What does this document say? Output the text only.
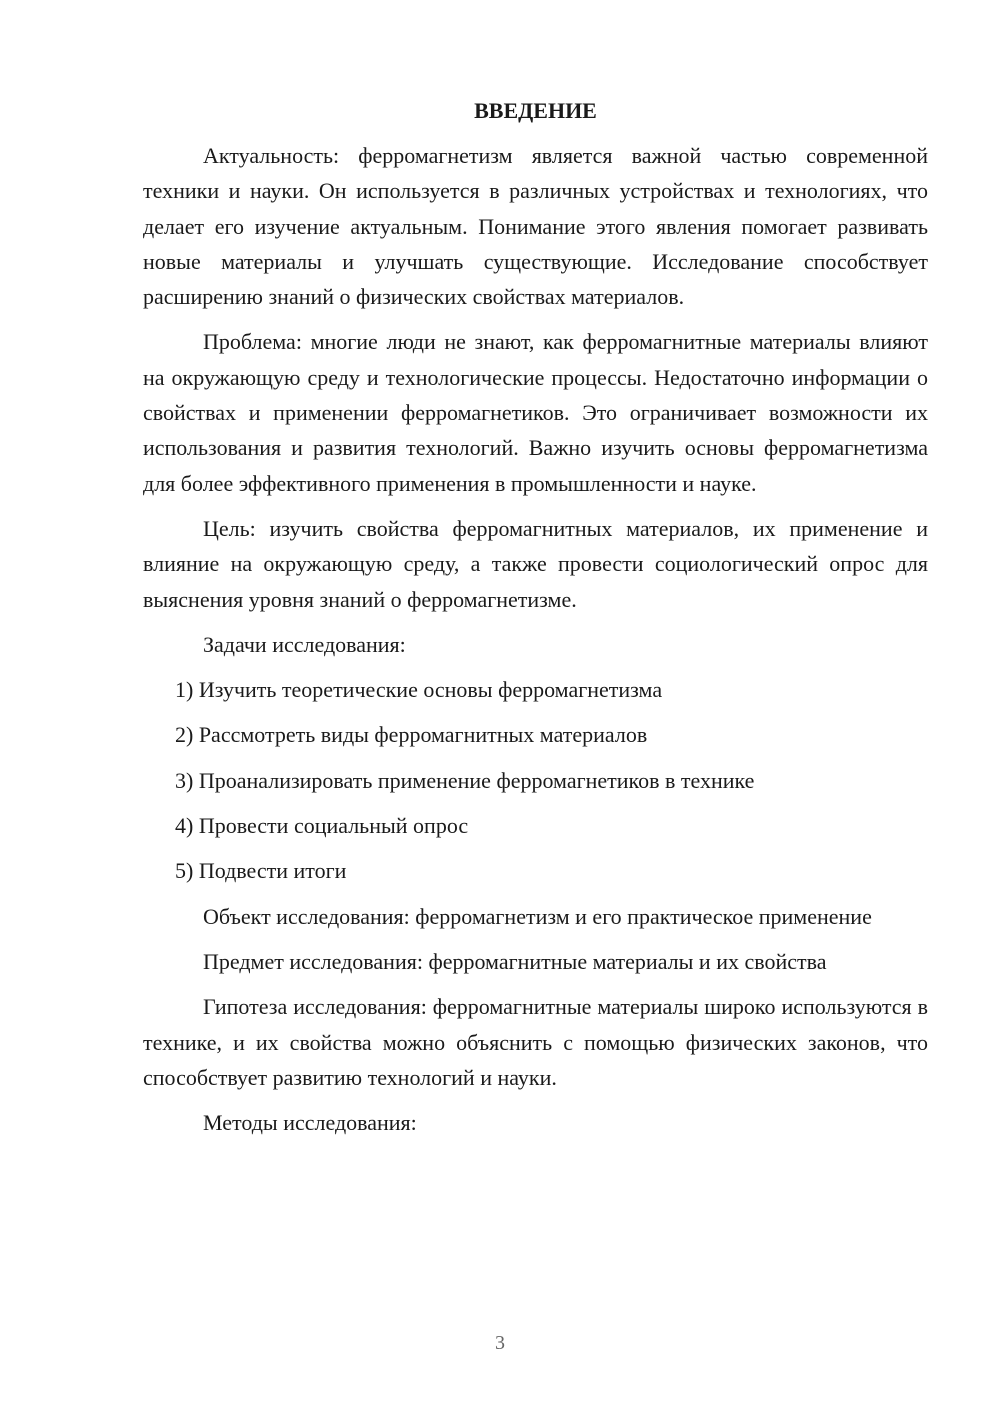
ВВЕДЕНИЕ

Актуальность: ферромагнетизм является важной частью современной техники и науки. Он используется в различных устройствах и технологиях, что делает его изучение актуальным. Понимание этого явления помогает развивать новые материалы и улучшать существующие. Исследование способствует расширению знаний о физических свойствах материалов.

Проблема: многие люди не знают, как ферромагнитные материалы влияют на окружающую среду и технологические процессы. Недостаточно информации о свойствах и применении ферромагнетиков. Это ограничивает возможности их использования и развития технологий. Важно изучить основы ферромагнетизма для более эффективного применения в промышленности и науке.

Цель: изучить свойства ферромагнитных материалов, их применение и влияние на окружающую среду, а также провести социологический опрос для выяснения уровня знаний о ферромагнетизме.

Задачи исследования:

1) Изучить теоретические основы ферромагнетизма
2) Рассмотреть виды ферромагнитных материалов
3) Проанализировать применение ферромагнетиков в технике
4) Провести социальный опрос
5) Подвести итоги

Объект исследования: ферромагнетизм и его практическое применение

Предмет исследования: ферромагнитные материалы и их свойства

Гипотеза исследования: ферромагнитные материалы широко используются в технике, и их свойства можно объяснить с помощью физических законов, что способствует развитию технологий и науки.

Методы исследования:

3
